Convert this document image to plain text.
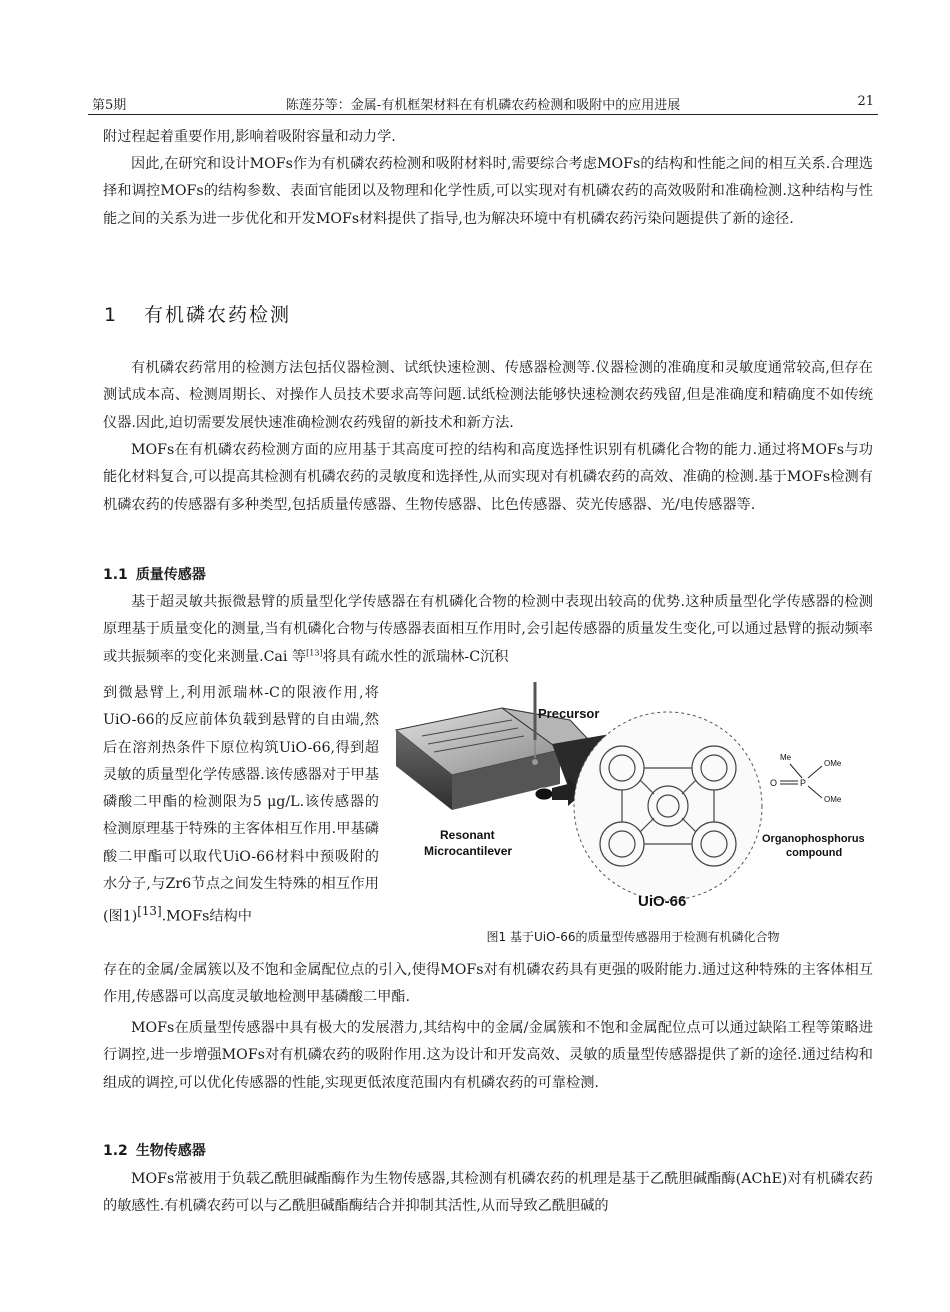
第5期	陈莲芬等：金属-有机框架材料在有机磷农药检测和吸附中的应用进展	21

附过程起着重要作用,影响着吸附容量和动力学.

因此,在研究和设计MOFs作为有机磷农药检测和吸附材料时,需要综合考虑MOFs的结构和性能之间的相互关系.合理选择和调控MOFs的结构参数、表面官能团以及物理和化学性质,可以实现对有机磷农药的高效吸附和准确检测.这种结构与性能之间的关系为进一步优化和开发MOFs材料提供了指导,也为解决环境中有机磷农药污染问题提供了新的途径.

1 有机磷农药检测

有机磷农药常用的检测方法包括仪器检测、试纸快速检测、传感器检测等.仪器检测的准确度和灵敏度通常较高,但存在测试成本高、检测周期长、对操作人员技术要求高等问题.试纸检测法能够快速检测农药残留,但是准确度和精确度不如传统仪器.因此,迫切需要发展快速准确检测农药残留的新技术和新方法.

MOFs在有机磷农药检测方面的应用基于其高度可控的结构和高度选择性识别有机磷化合物的能力.通过将MOFs与功能化材料复合,可以提高其检测有机磷农药的灵敏度和选择性,从而实现对有机磷农药的高效、准确的检测.基于MOFs检测有机磷农药的传感器有多种类型,包括质量传感器、生物传感器、比色传感器、荧光传感器、光/电传感器等.

1.1 质量传感器

基于超灵敏共振微悬臂的质量型化学传感器在有机磷化合物的检测中表现出较高的优势.这种质量型化学传感器的检测原理基于质量变化的测量,当有机磷化合物与传感器表面相互作用时,会引起传感器的质量发生变化,可以通过悬臂的振动频率或共振频率的变化来测量.Cai 等[13]将具有疏水性的派瑞林-C沉积

到微悬臂上,利用派瑞林-C的限液作用,将UiO-66的反应前体负载到悬臂的自由端,然后在溶剂热条件下原位构筑UiO-66,得到超灵敏的质量型化学传感器.该传感器对于甲基磷酸二甲酯的检测限为5 μg/L.该传感器的检测原理基于特殊的主客体相互作用.甲基磷酸二甲酯可以取代UiO-66材料中预吸附的水分子,与Zr6节点之间发生特殊的相互作用(图1)[13].MOFs结构中

Precursor
Resonant
Microcantilever
UiO-66
Me
OMe
OMe
P
O
Organophosphorus
compound
图1 基于UiO-66的质量型传感器用于检测有机磷化合物

存在的金属/金属簇以及不饱和金属配位点的引入,使得MOFs对有机磷农药具有更强的吸附能力.通过这种特殊的主客体相互作用,传感器可以高度灵敏地检测甲基磷酸二甲酯.

MOFs在质量型传感器中具有极大的发展潜力,其结构中的金属/金属簇和不饱和金属配位点可以通过缺陷工程等策略进行调控,进一步增强MOFs对有机磷农药的吸附作用.这为设计和开发高效、灵敏的质量型传感器提供了新的途径.通过结构和组成的调控,可以优化传感器的性能,实现更低浓度范围内有机磷农药的可靠检测.

1.2 生物传感器

MOFs常被用于负载乙酰胆碱酯酶作为生物传感器,其检测有机磷农药的机理是基于乙酰胆碱酯酶(AChE)对有机磷农药的敏感性.有机磷农药可以与乙酰胆碱酯酶结合并抑制其活性,从而导致乙酰胆碱的
